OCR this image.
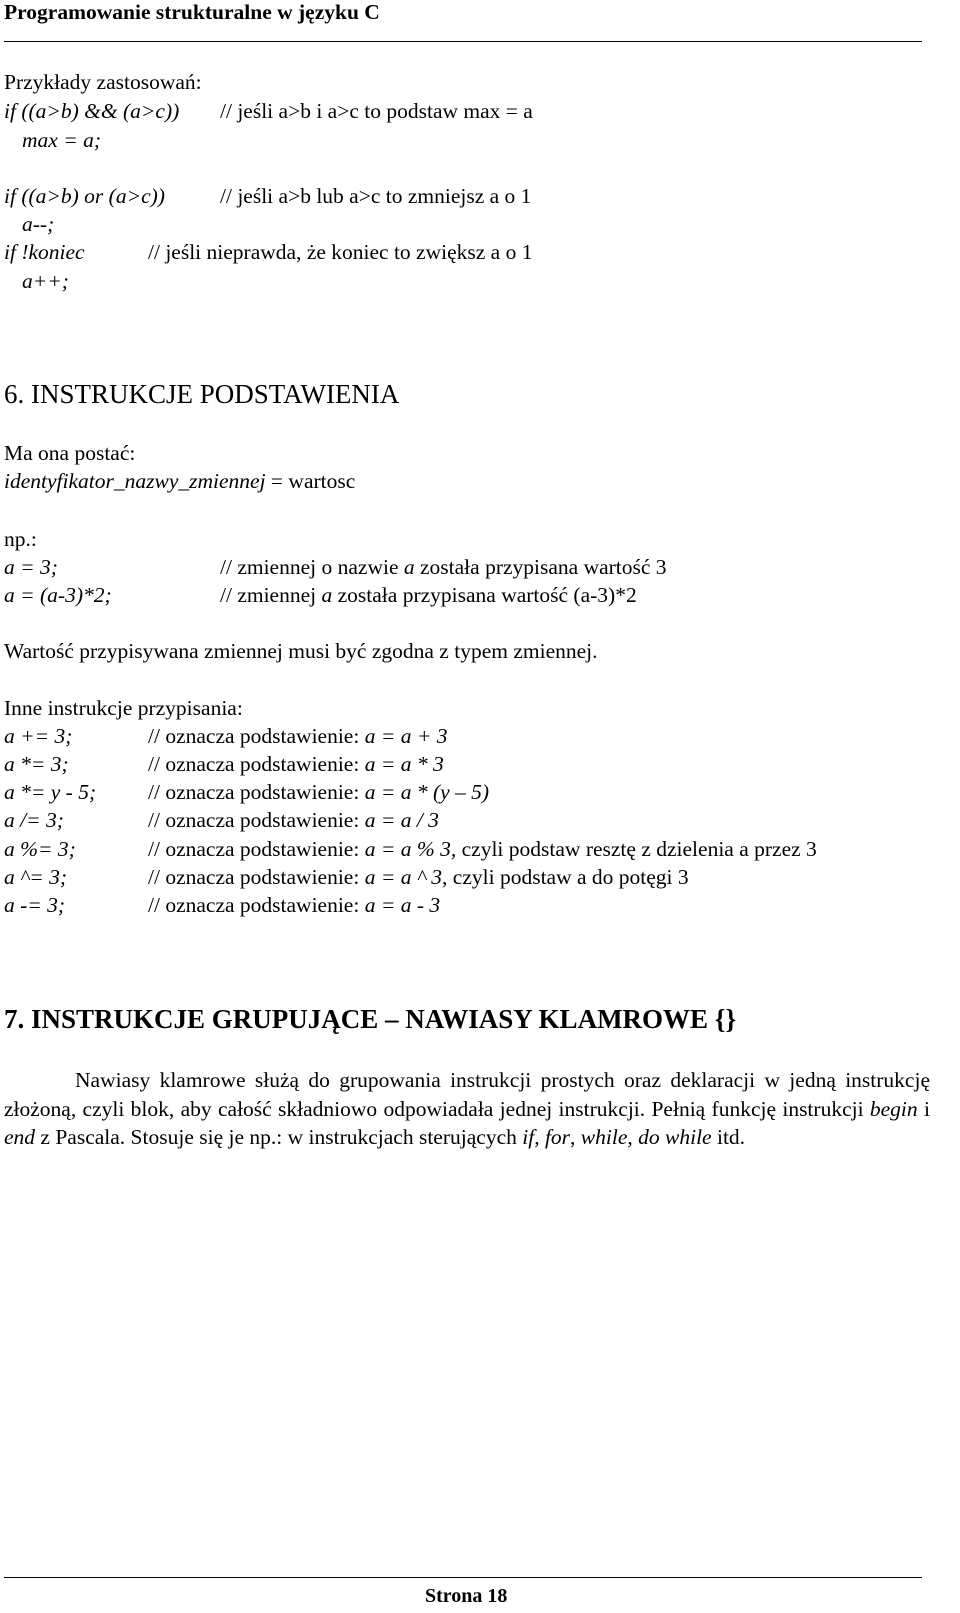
Programowanie strukturalne w języku C
Przykłady zastosowań:
if ((a>b) && (a>c)) // jeśli a>b i a>c to podstaw max = a
max = a;
if ((a>b) or (a>c))	// jeśli a>b lub a>c to zmniejsz a o 1
a--;
if !koniec	// jeśli nieprawda, że koniec to zwiększ a o 1
a++;
6. INSTRUKCJE PODSTAWIENIA
Ma ona postać:
identyfikator_nazwy_zmiennej = wartosc
np.:
a = 3;	// zmiennej o nazwie a została przypisana wartość 3
a = (a-3)*2;	// zmiennej a została przypisana wartość (a-3)*2
Wartość przypisywana zmiennej musi być zgodna z typem zmiennej.
Inne instrukcje przypisania:
a += 3;	// oznacza podstawienie: a = a + 3
a *= 3;	// oznacza podstawienie: a = a * 3
a *= y - 5; // oznacza podstawienie: a = a * (y – 5)
a /= 3;	// oznacza podstawienie: a = a / 3
a %= 3;	// oznacza podstawienie: a = a % 3, czyli podstaw resztę z dzielenia a przez 3
a ^= 3;	// oznacza podstawienie: a = a ^ 3, czyli podstaw a do potęgi 3
a -= 3;	// oznacza podstawienie: a = a - 3
7. INSTRUKCJE GRUPUJĄCE – NAWIASY KLAMROWE {}
Nawiasy klamrowe służą do grupowania instrukcji prostych oraz deklaracji w jedną instrukcję złożoną, czyli blok, aby całość składniowo odpowiadała jednej instrukcji. Pełnią funkcję instrukcji begin i end z Pascala. Stosuje się je np.: w instrukcjach sterujących if, for, while, do while itd.
Strona 18
